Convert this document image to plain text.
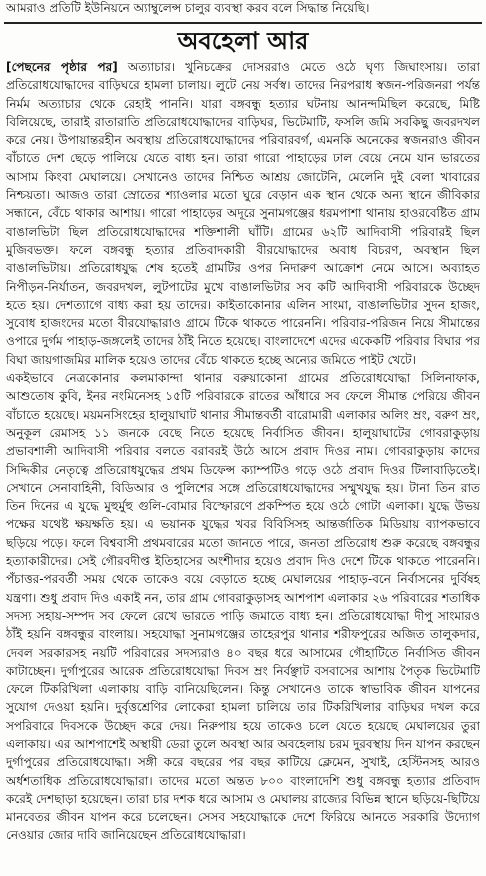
আমরাও প্রতিটি ইউনিয়নে অ্যাম্বুলেন্স চালুর ব্যবস্থা করব বলে সিদ্ধান্ত নিয়েছি।
অবহেলা আর

[পেছনের পৃষ্ঠার পর] অত্যাচার। খুনিচক্রের দোসররাও মেতে ওঠে ঘৃণ্য জিঘাংসায়। তারা প্রতিরোধযোদ্ধাদের বাড়িঘরে হামলা চালায়। লুটে নেয় সর্বস্ব। তাদের নিরপরাধ স্বজন-পরিজনরা পর্যন্ত নির্মম অত্যাচার থেকে রেহাই পাননি। যারা বঙ্গবন্ধু হত্যার ঘটনায় আনন্দমিছিল করেছে, মিষ্টি বিলিয়েছে, তারাই রাতারাতি প্রতিরোধযোদ্ধাদের বাড়িঘর, ভিটেমাটি, ফসলি জমি সবকিছু জবরদখল করে নেয়। উপায়ান্তরহীন অবস্থায় প্রতিরোধযোদ্ধাদের পরিবারবর্গ, এমনকি অনেকের স্বজনরাও জীবন বাঁচাতে দেশ ছেড়ে পালিয়ে যেতে বাধ্য হন। তারা গারো পাহাড়ের ঢাল বেয়ে নেমে যান ভারতের আসাম কিংবা মেঘালয়ে। সেখানেও তাদের নিশ্চিত আশ্রয় জোটেনি, মেলেনি দুই বেলা খাবারের নিশ্চয়তা। আজও তারা স্রোতের শ্যাওলার মতো ঘুরে বেড়ান এক স্থান থেকে অন্য স্থানে জীবিকার সন্ধানে, বেঁচে থাকার আশায়। গারো পাহাড়ের অদূরে সুনামগঞ্জের ধরমপাশা থানায় হাওরবেষ্টিত গ্রাম বাঙালভিটা ছিল প্রতিরোধযোদ্ধাদের শক্তিশালী ঘাঁটি। গ্রামের ৬২টি আদিবাসী পরিবারই ছিল মুজিবভক্ত। ফলে বঙ্গবন্ধু হত্যার প্রতিবাদকারী বীরযোদ্ধাদের অবাধ বিচরণ, অবস্থান ছিল বাঙালভিটায়। প্রতিরোধযুদ্ধ শেষ হতেই গ্রামটির ওপর নিদারুণ আক্রোশ নেমে আসে। অব্যাহত নিপীড়ন-নির্যাতন, জবরদখল, লুটপাটের মুখে বাঙালভিটার সব কটি আদিবাসী পরিবারকে উচ্ছেদ হতে হয়। দেশত্যাগে বাধ্য করা হয় তাদের। কাইতাকোনার এলিন সাংমা, বাঙালভিটার সুদন হাজং, সুবোধ হাজংদের মতো বীরযোদ্ধারাও গ্রামে টিকে থাকতে পারেননি। পরিবার-পরিজন নিয়ে সীমান্তের ওপারে দুর্গম পাহাড়-জঙ্গলেই তাদের ঠাঁই নিতে হয়েছে। বাংলাদেশে এদের একেকটি পরিবার বিঘার পর বিঘা জায়গাজমির মালিক হয়েও তাদের বেঁচে থাকতে হচ্ছে অন্যের জমিতে পাইট খেটে।

একইভাবে নেত্রকোনার কলমাকান্দা থানার বরুয়াকোনা গ্রামের প্রতিরোধযোদ্ধা সিলিনাফাক, আশুতোষ কুবি, ইনর নংমিনেসহ ১৫টি পরিবারকে রাতের আঁধারে সব ফেলে সীমান্ত পেরিয়ে জীবন বাঁচাতে হয়েছে। ময়মনসিংহের হালুয়াঘাট থানার সীমান্তবর্তী বারোমারী এলাকার অলিং ম্রং, বরুণ ম্রং, অনুকূল রেমাসহ ১১ জনকে বেছে নিতে হয়েছে নির্বাসিত জীবন। হালুয়াঘাটের গোবরাকুড়ায় প্রভাবশালী আদিবাসী পরিবার বলতে বরাবরই উঠে আসে প্রবাদ দিওর নাম। গোবরাকুড়ায় কাদের সিদ্দিকীর নেতৃত্বে প্রতিরোধযুদ্ধের প্রথম ডিফেন্স ক্যাম্পটিও গড়ে ওঠে প্রবাদ দিওর টিলাবাড়িতেই। সেখানে সেনাবাহিনী, বিডিআর ও পুলিশের সঙ্গে প্রতিরোধযোদ্ধাদের সম্মুখযুদ্ধ হয়। টানা তিন রাত তিন দিনের এ যুদ্ধে মুহুর্মুহু গুলি-বোমার বিস্ফোরণে প্রকম্পিত হয়ে ওঠে গোটা এলাকা। যুদ্ধে উভয় পক্ষের যথেষ্ট ক্ষয়ক্ষতি হয়। এ ভয়ানক যুদ্ধের খবর বিবিসিসহ আন্তর্জাতিক মিডিয়ায় ব্যাপকভাবে ছড়িয়ে পড়ে। ফলে বিশ্ববাসী প্রথমবারের মতো জানতে পারে, জনতা প্রতিরোধ শুরু করেছে বঙ্গবন্ধুর হত্যাকারীদের। সেই গৌরবদীপ্ত ইতিহাসের অংশীদার হয়েও প্রবাদ দিও দেশে টিকে থাকতে পারেননি। পঁচাত্তর-পরবর্তী সময় থেকে তাকেও বয়ে বেড়াতে হচ্ছে মেঘালয়ের পাহাড়-বনে নির্বাসনের দুর্বিষহ যন্ত্রণা। শুধু প্রবাদ দিও একাই নন, তার গ্রাম গোবরাকুড়াসহ আশপাশ এলাকার ২৬ পরিবারের শতাধিক সদস্য সহায়-সম্পদ সব ফেলে রেখে ভারতে পাড়ি জমাতে বাধ্য হন। প্রতিরোধযোদ্ধা দীপু সাংমারও ঠাঁই হয়নি বঙ্গবন্ধুর বাংলায়। সহযোদ্ধা সুনামগঞ্জের তাহেরপুর থানার শরীফপুরের অজিত তালুকদার, দেবল সরকারসহ নয়টি পরিবারের সদস্যরাও ৪০ বছর ধরে আসামের গৌহাটিতে নির্বাসিত জীবন কাটাচ্ছেন। দুর্গাপুরের আরেক প্রতিরোধযোদ্ধা দিবস ম্রং নির্বঞ্ছাট বসবাসের আশায় পৈতৃক ভিটেমাটি ফেলে টিকরিখিলা এলাকায় বাড়ি বানিয়েছিলেন। কিন্তু সেখানেও তাকে স্বাভাবিক জীবন যাপনের সুযোগ দেওয়া হয়নি। দুর্বৃত্তশ্রেণির লোকেরা হামলা চালিয়ে তার টিকরিখিলার বাড়িঘর দখল করে সপরিবারে দিবসকে উচ্ছেদ করে দেয়। নিরুপায় হয়ে তাকেও চলে যেতে হয়েছে মেঘালয়ের তুরা এলাকায়। এর আশপাশেই অস্থায়ী ডেরা তুলে অবস্থা আর অবহেলায় চরম দুরবস্থায় দিন যাপন করছেন দুর্গাপুরের প্রতিরোধযোদ্ধা। সঙ্গী করে বছরের পর বছর কাটিয়ে ক্লেমেন, সুখাই, হেস্টিনসহ আরও অর্ধশতাধিক প্রতিরোধযোদ্ধারা। তাদের মতো অন্তত ৮০০ বাংলাদেশি শুধু বঙ্গবন্ধু হত্যার প্রতিবাদ করেই দেশছাড়া হয়েছেন। তারা চার দশক ধরে আসাম ও মেঘালয় রাজ্যের বিভিন্ন স্থানে ছড়িয়ে-ছিটিয়ে মানবেতর জীবন যাপন করে চলেছেন। সেসব সহযোদ্ধাকে দেশে ফিরিয়ে আনতে সরকারি উদ্যোগ নেওয়ার জোর দাবি জানিয়েছেন প্রতিরোধযোদ্ধারা।
